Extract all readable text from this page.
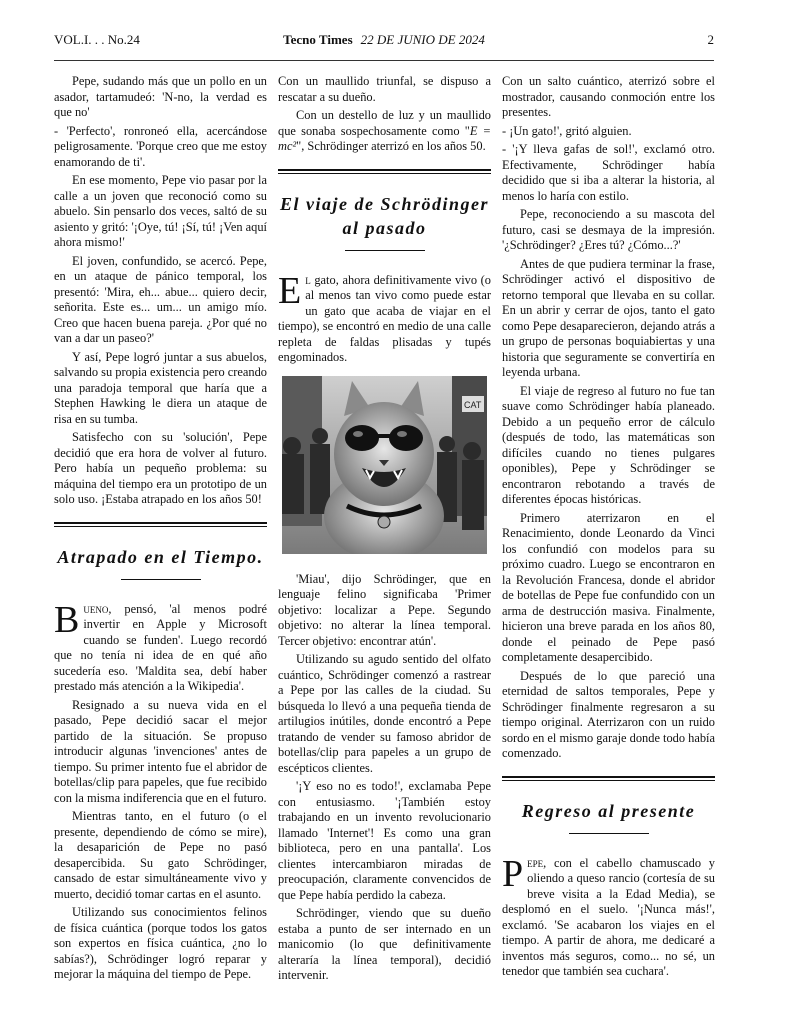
VOL.I. . . No.24	Tecno Times 22 DE JUNIO DE 2024	2

Pepe, sudando más que un pollo en un asador, tartamudeó: 'N-no, la verdad es que no'

- 'Perfecto', ronroneó ella, acercándose peligrosamente. 'Porque creo que me estoy enamorando de ti'.

En ese momento, Pepe vio pasar por la calle a un joven que reconoció como su abuelo. Sin pensarlo dos veces, saltó de su asiento y gritó: '¡Oye, tú! ¡Sí, tú! ¡Ven aquí ahora mismo!'

El joven, confundido, se acercó. Pepe, en un ataque de pánico temporal, los presentó: 'Mira, eh... abue... quiero decir, señorita. Este es... um... un amigo mío. Creo que hacen buena pareja. ¿Por qué no van a dar un paseo?'

Y así, Pepe logró juntar a sus abuelos, salvando su propia existencia pero creando una paradoja temporal que haría que a Stephen Hawking le diera un ataque de risa en su tumba.

Satisfecho con su 'solución', Pepe decidió que era hora de volver al futuro. Pero había un pequeño problema: su máquina del tiempo era un prototipo de un solo uso. ¡Estaba atrapado en los años 50!

Atrapado en el Tiempo.

Bueno, pensó, 'al menos podré invertir en Apple y Microsoft cuando se funden'. Luego recordó que no tenía ni idea de en qué año sucedería eso. 'Maldita sea, debí haber prestado más atención a la Wikipedia'.

Resignado a su nueva vida en el pasado, Pepe decidió sacar el mejor partido de la situación. Se propuso introducir algunas 'invenciones' antes de tiempo. Su primer intento fue el abridor de botellas/clip para papeles, que fue recibido con la misma indiferencia que en el futuro.

Mientras tanto, en el futuro (o el presente, dependiendo de cómo se mire), la desaparición de Pepe no pasó desapercibida. Su gato Schrödinger, cansado de estar simultáneamente vivo y muerto, decidió tomar cartas en el asunto.

Utilizando sus conocimientos felinos de física cuántica (porque todos los gatos son expertos en física cuántica, ¿no lo sabías?), Schrödinger logró reparar y mejorar la máquina del tiempo de Pepe.

Con un maullido triunfal, se dispuso a rescatar a su dueño.

Con un destello de luz y un maullido que sonaba sospechosamente como "E = mc²", Schrödinger aterrizó en los años 50.

El viaje de Schrödinger al pasado

El gato, ahora definitivamente vivo (o al menos tan vivo como puede estar un gato que acaba de viajar en el tiempo), se encontró en medio de una calle repleta de faldas plisadas y tupés engominados.

CAT

'Miau', dijo Schrödinger, que en lenguaje felino significaba 'Primer objetivo: localizar a Pepe. Segundo objetivo: no alterar la línea temporal. Tercer objetivo: encontrar atún'.

Utilizando su agudo sentido del olfato cuántico, Schrödinger comenzó a rastrear a Pepe por las calles de la ciudad. Su búsqueda lo llevó a una pequeña tienda de artilugios inútiles, donde encontró a Pepe tratando de vender su famoso abridor de botellas/clip para papeles a un grupo de escépticos clientes.

'¡Y eso no es todo!', exclamaba Pepe con entusiasmo. '¡También estoy trabajando en un invento revolucionario llamado 'Internet'! Es como una gran biblioteca, pero en una pantalla'. Los clientes intercambiaron miradas de preocupación, claramente convencidos de que Pepe había perdido la cabeza.

Schrödinger, viendo que su dueño estaba a punto de ser internado en un manicomio (lo que definitivamente alteraría la línea temporal), decidió intervenir.

Con un salto cuántico, aterrizó sobre el mostrador, causando conmoción entre los presentes.

- ¡Un gato!', gritó alguien.

- '¡Y lleva gafas de sol!', exclamó otro. Efectivamente, Schrödinger había decidido que si iba a alterar la historia, al menos lo haría con estilo.

Pepe, reconociendo a su mascota del futuro, casi se desmaya de la impresión. '¿Schrödinger? ¿Eres tú? ¿Cómo...?'

Antes de que pudiera terminar la frase, Schrödinger activó el dispositivo de retorno temporal que llevaba en su collar. En un abrir y cerrar de ojos, tanto el gato como Pepe desaparecieron, dejando atrás a un grupo de personas boquiabiertas y una historia que seguramente se convertiría en leyenda urbana.

El viaje de regreso al futuro no fue tan suave como Schrödinger había planeado. Debido a un pequeño error de cálculo (después de todo, las matemáticas son difíciles cuando no tienes pulgares oponibles), Pepe y Schrödinger se encontraron rebotando a través de diferentes épocas históricas.

Primero aterrizaron en el Renacimiento, donde Leonardo da Vinci los confundió con modelos para su próximo cuadro. Luego se encontraron en la Revolución Francesa, donde el abridor de botellas de Pepe fue confundido con un arma de destrucción masiva. Finalmente, hicieron una breve parada en los años 80, donde el peinado de Pepe pasó completamente desapercibido.

Después de lo que pareció una eternidad de saltos temporales, Pepe y Schrödinger finalmente regresaron a su tiempo original. Aterrizaron con un ruido sordo en el mismo garaje donde todo había comenzado.

Regreso al presente

Pepe, con el cabello chamuscado y oliendo a queso rancio (cortesía de su breve visita a la Edad Media), se desplomó en el suelo. '¡Nunca más!', exclamó. 'Se acabaron los viajes en el tiempo. A partir de ahora, me dedicaré a inventos más seguros, como... no sé, un tenedor que también sea cuchara'.
